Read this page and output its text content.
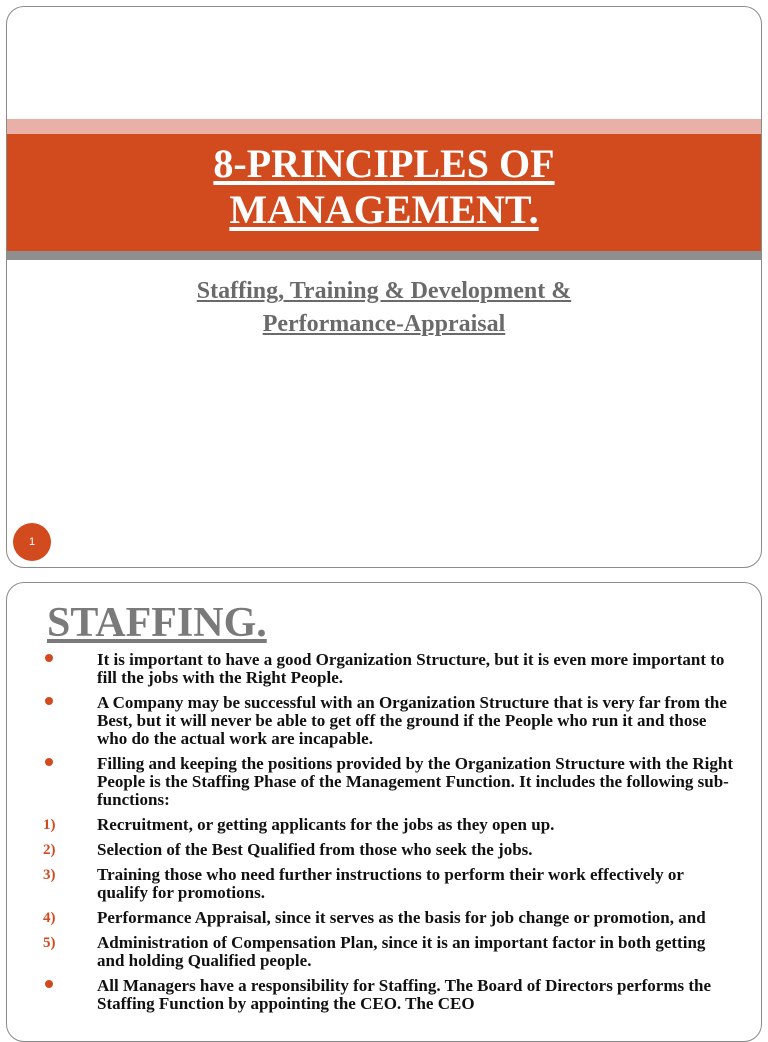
8-PRINCIPLES OF
MANAGEMENT.
Staffing, Training & Development &
Performance-Appraisal
1
STAFFING.
It is important to have a good Organization Structure, but it is even more important to fill the jobs with the Right People.
A Company may be successful with an Organization Structure that is very far from the Best, but it will never be able to get off the ground if the People who run it and those who do the actual work are incapable.
Filling and keeping the positions provided by the Organization Structure with the Right People is the Staffing Phase of the Management Function. It includes the following sub- functions:
1) Recruitment, or getting applicants for the jobs as they open up.
2) Selection of the Best Qualified from those who seek the jobs.
3) Training those who need further instructions to perform their work effectively or qualify for promotions.
4) Performance Appraisal, since it serves as the basis for job change or promotion, and
5) Administration of Compensation Plan, since it is an important factor in both getting and holding Qualified people.
All Managers have a responsibility for Staffing. The Board of Directors performs the Staffing Function by appointing the CEO. The CEO
